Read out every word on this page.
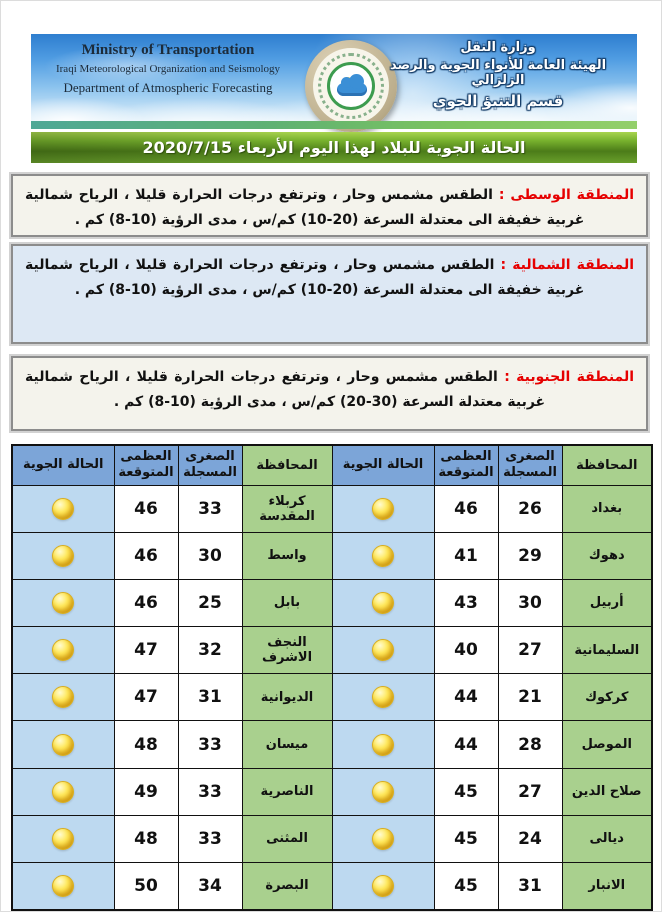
Ministry of Transportation
Iraqi Meteorological Organization and Seismology
Department of Atmospheric Forecasting
وزارة النقل
الهيئة العامة للأنواء الجوية والرصد الزلزالي
قسم التنبؤ الجوي
الحالة الجوية للبلاد لهذا اليوم الأربعاء 2020/7/15
المنطقة الوسطى : الطقس مشمس وحار ، وترتفع درجات الحرارة قليلا ، الرياح شمالية غربية خفيفة الى معتدلة السرعة (20-10) كم/س ، مدى الرؤية (10-8) كم .
المنطقة الشمالية : الطقس مشمس وحار ، وترتفع درجات الحرارة قليلا ، الرياح شمالية غربية خفيفة الى معتدلة السرعة (20-10) كم/س ، مدى الرؤية (10-8) كم .
المنطقة الجنوبية : الطقس مشمس وحار ، وترتفع درجات الحرارة قليلا ، الرياح شمالية غربية معتدلة السرعة (30-20) كم/س ، مدى الرؤية (10-8) كم .
المحافظة	الصغرى المسجلة	العظمى المتوقعة	الحالة الجوية	المحافظة	الصغرى المسجلة	العظمى المتوقعة	الحالة الجوية
بغداد	26	46		كربلاء المقدسة	33	46	
دهوك	29	41		واسط	30	46	
أربيل	30	43		بابل	25	46	
السليمانية	27	40		النجف الاشرف	32	47	
كركوك	21	44		الديوانية	31	47	
الموصل	28	44		ميسان	33	48	
صلاح الدين	27	45		الناصرية	33	49	
ديالى	24	45		المثنى	33	48	
الانبار	31	45		البصرة	34	50	
